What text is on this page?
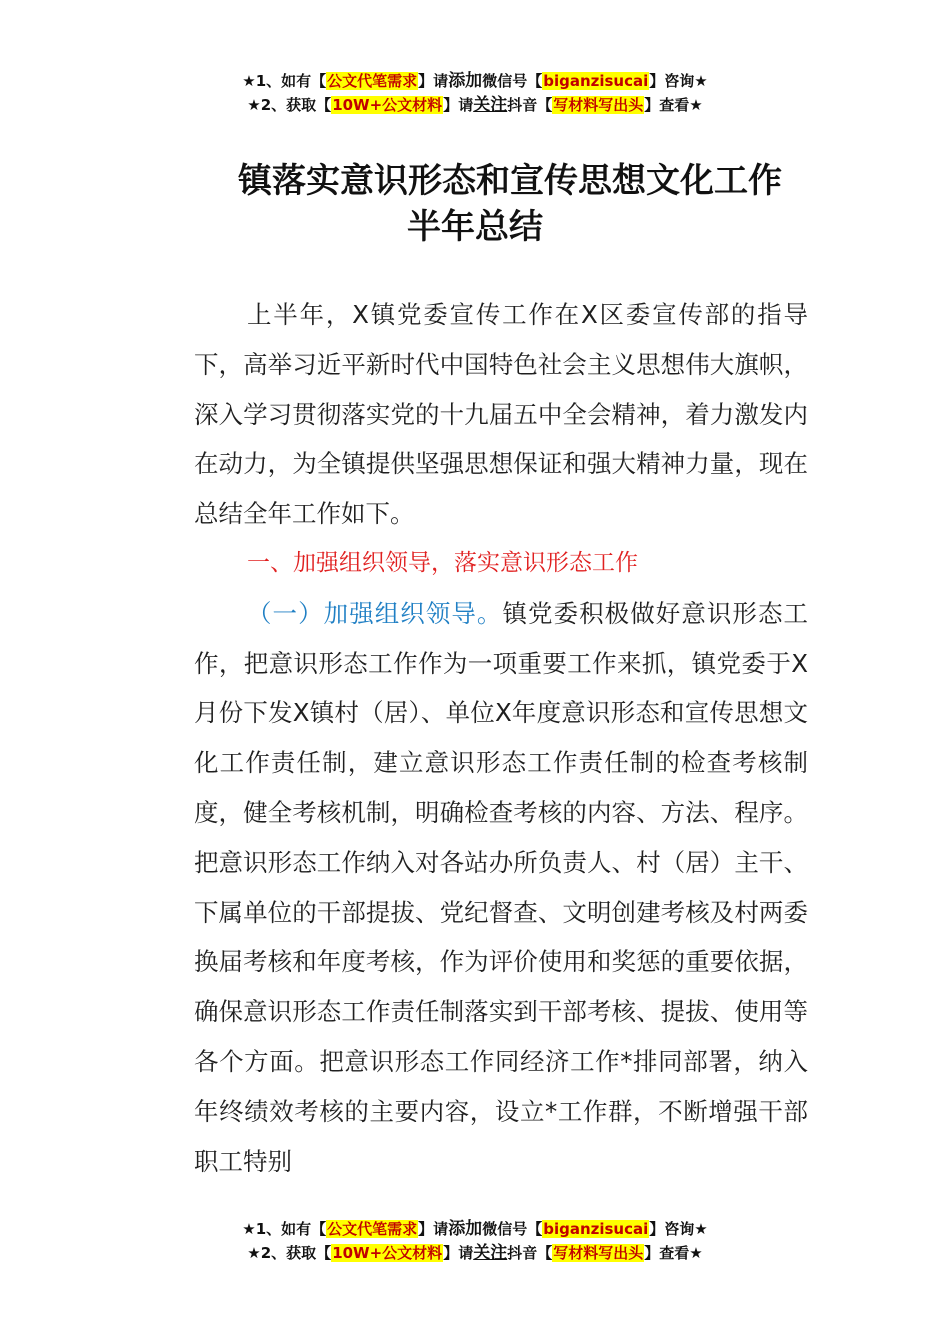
★1、如有【公文代笔需求】请添加微信号【biganzisucai】咨询★
★2、获取【10W+公文材料】请关注抖音【写材料写出头】查看★
镇落实意识形态和宣传思想文化工作
半年总结

上半年，X镇党委宣传工作在X区委宣传部的指导下，高举习近平新时代中国特色社会主义思想伟大旗帜，深入学习贯彻落实党的十九届五中全会精神，着力激发内在动力，为全镇提供坚强思想保证和强大精神力量，现在总结全年工作如下。

一、加强组织领导，落实意识形态工作

（一）加强组织领导。镇党委积极做好意识形态工作，把意识形态工作作为一项重要工作来抓，镇党委于X月份下发X镇村（居）、单位X年度意识形态和宣传思想文化工作责任制，建立意识形态工作责任制的检查考核制度，健全考核机制，明确检查考核的内容、方法、程序。把意识形态工作纳入对各站办所负责人、村（居）主干、下属单位的干部提拔、党纪督查、文明创建考核及村两委换届考核和年度考核，作为评价使用和奖惩的重要依据，确保意识形态工作责任制落实到干部考核、提拔、使用等各个方面。把意识形态工作同经济工作*排同部署，纳入年终绩效考核的主要内容，设立*工作群，不断增强干部职工特别

★1、如有【公文代笔需求】请添加微信号【biganzisucai】咨询★
★2、获取【10W+公文材料】请关注抖音【写材料写出头】查看★
